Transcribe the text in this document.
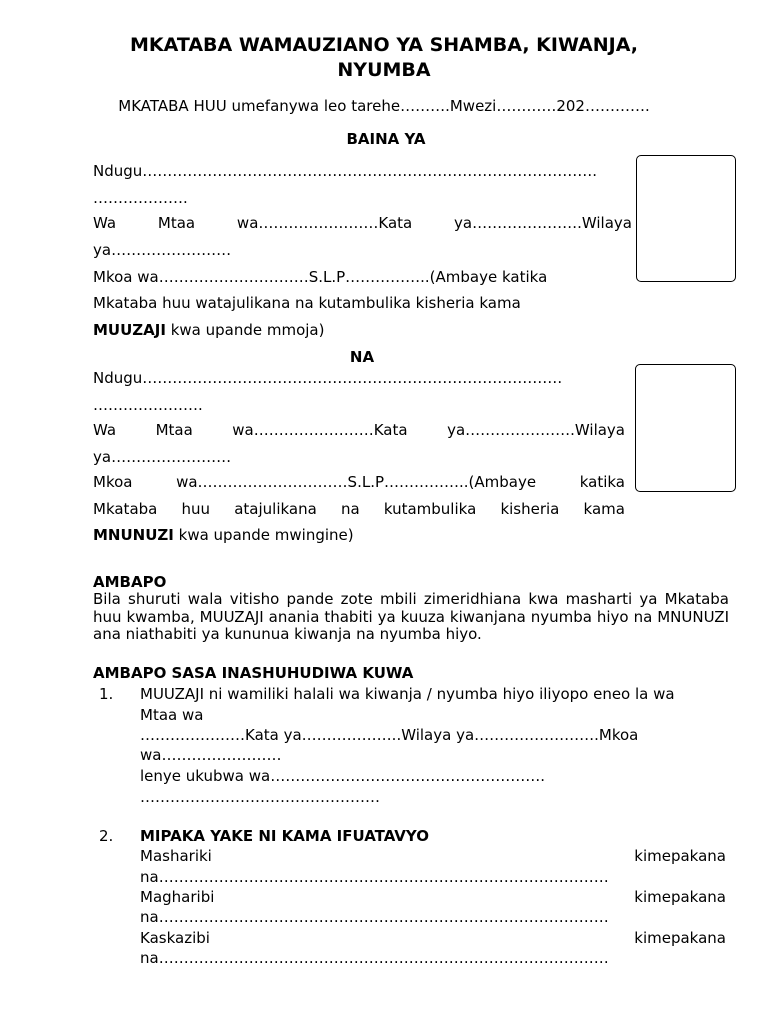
MKATABA WAMAUZIANO YA SHAMBA, KIWANJA,
NYUMBA
MKATABA HUU umefanywa leo tarehe……….Mwezi…………202………….
BAINA YA
Ndugu……………………………………………………………………………….
……………….
Wa	Mtaa	wa……………………Kata	ya………………….Wilaya
ya……………………
Mkoa wa…………………………S.L.P……………..(Ambaye katika
Mkataba huu watajulikana na kutambulika kisheria kama
MUUZAJI kwa upande mmoja)
NA
Ndugu…………………………………………………………………………
………………….
Wa	Mtaa	wa……………………Kata	ya………………….Wilaya
ya……………………
Mkoa	wa…………………………S.L.P……………..(Ambaye	katika
Mkataba huu atajulikana na kutambulika kisheria kama
MNUNUZI kwa upande mwingine)
AMBAPO
Bila shuruti wala vitisho pande zote mbili zimeridhiana kwa masharti ya Mkataba huu kwamba, MUUZAJI anania thabiti ya kuuza kiwanjana nyumba hiyo na MNUNUZI ana niathabiti ya kununua kiwanja na nyumba hiyo.
AMBAPO SASA INASHUHUDIWA KUWA
1. MUUZAJI ni wamiliki halali wa kiwanja / nyumba hiyo iliyopo eneo la wa
Mtaa wa
…………………Kata ya………………..Wilaya ya…………………….Mkoa
wa……………………
lenye ukubwa wa……………………………………………….
…………………………………………
2. MIPAKA YAKE NI KAMA IFUATAVYO
Mashariki	kimepakana
na………………………………………………………………………………
Magharibi	kimepakana
na………………………………………………………………………………
Kaskazibi	kimepakana
na………………………………………………………………………………
